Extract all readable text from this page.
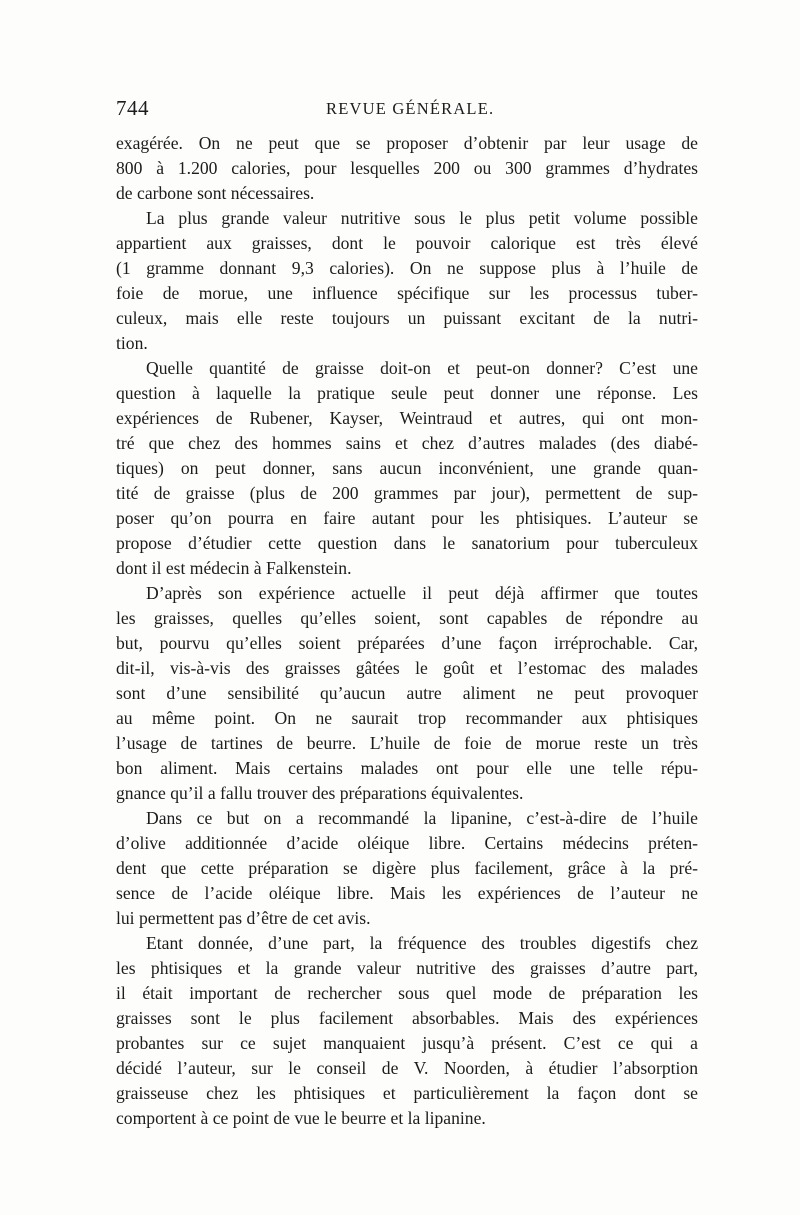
744	REVUE GÉNÉRALE.
exagérée. On ne peut que se proposer d’obtenir par leur usage de
800 à 1.200 calories, pour lesquelles 200 ou 300 grammes d’hydrates
de carbone sont nécessaires.
La plus grande valeur nutritive sous le plus petit volume possible
appartient aux graisses, dont le pouvoir calorique est très élevé
(1 gramme donnant 9,3 calories). On ne suppose plus à l’huile de
foie de morue, une influence spécifique sur les processus tuber-
culeux, mais elle reste toujours un puissant excitant de la nutri-
tion.
Quelle quantité de graisse doit-on et peut-on donner? C’est une
question à laquelle la pratique seule peut donner une réponse. Les
expériences de Rubener, Kayser, Weintraud et autres, qui ont mon-
tré que chez des hommes sains et chez d’autres malades (des diabé-
tiques) on peut donner, sans aucun inconvénient, une grande quan-
tité de graisse (plus de 200 grammes par jour), permettent de sup-
poser qu’on pourra en faire autant pour les phtisiques. L’auteur se
propose d’étudier cette question dans le sanatorium pour tuberculeux
dont il est médecin à Falkenstein.
D’après son expérience actuelle il peut déjà affirmer que toutes
les graisses, quelles qu’elles soient, sont capables de répondre au
but, pourvu qu’elles soient préparées d’une façon irréprochable. Car,
dit-il, vis-à-vis des graisses gâtées le goût et l’estomac des malades
sont d’une sensibilité qu’aucun autre aliment ne peut provoquer
au même point. On ne saurait trop recommander aux phtisiques
l’usage de tartines de beurre. L’huile de foie de morue reste un très
bon aliment. Mais certains malades ont pour elle une telle répu-
gnance qu’il a fallu trouver des préparations équivalentes.
Dans ce but on a recommandé la lipanine, c’est-à-dire de l’huile
d’olive additionnée d’acide oléique libre. Certains médecins préten-
dent que cette préparation se digère plus facilement, grâce à la pré-
sence de l’acide oléique libre. Mais les expériences de l’auteur ne
lui permettent pas d’être de cet avis.
Etant donnée, d’une part, la fréquence des troubles digestifs chez
les phtisiques et la grande valeur nutritive des graisses d’autre part,
il était important de rechercher sous quel mode de préparation les
graisses sont le plus facilement absorbables. Mais des expériences
probantes sur ce sujet manquaient jusqu’à présent. C’est ce qui a
décidé l’auteur, sur le conseil de V. Noorden, à étudier l’absorption
graisseuse chez les phtisiques et particulièrement la façon dont se
comportent à ce point de vue le beurre et la lipanine.
